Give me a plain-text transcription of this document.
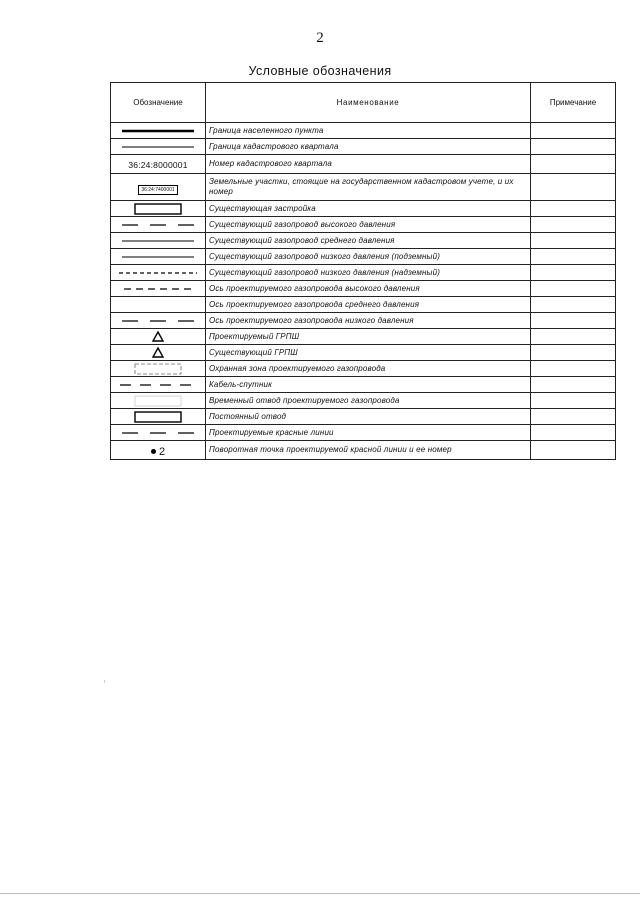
2
Условные обозначения
Обозначение	Наименование	Примечание

	Граница населенного пункта	

	Граница кадастрового квартала	
36:24:8000001	Номер кадастрового квартала	
36:24:7400001	Земельные участки, стоящие на государственном кадастровом учете, и их номер	

	Существующая застройка	

	Существующий газопровод высокого давления	

	Существующий газопровод среднего давления	

	Существующий газопровод низкого давления (подземный)	

	Существующий газопровод низкого давления (надземный)	

	Ось проектируемого газопровода высокого давления	
	Ось проектируемого газопровода среднего давления	

	Ось проектируемого газопровода низкого давления	

	Проектируемый ГРПШ	

	Существующий ГРПШ	

	Охранная зона проектируемого газопровода	

	Кабель-спутник	

	Временный отвод проектируемого газопровода	

	Постоянный отвод	

	Проектируемые красные линии	

2	Поворотная точка проектируемой красной линии и ее номер	
